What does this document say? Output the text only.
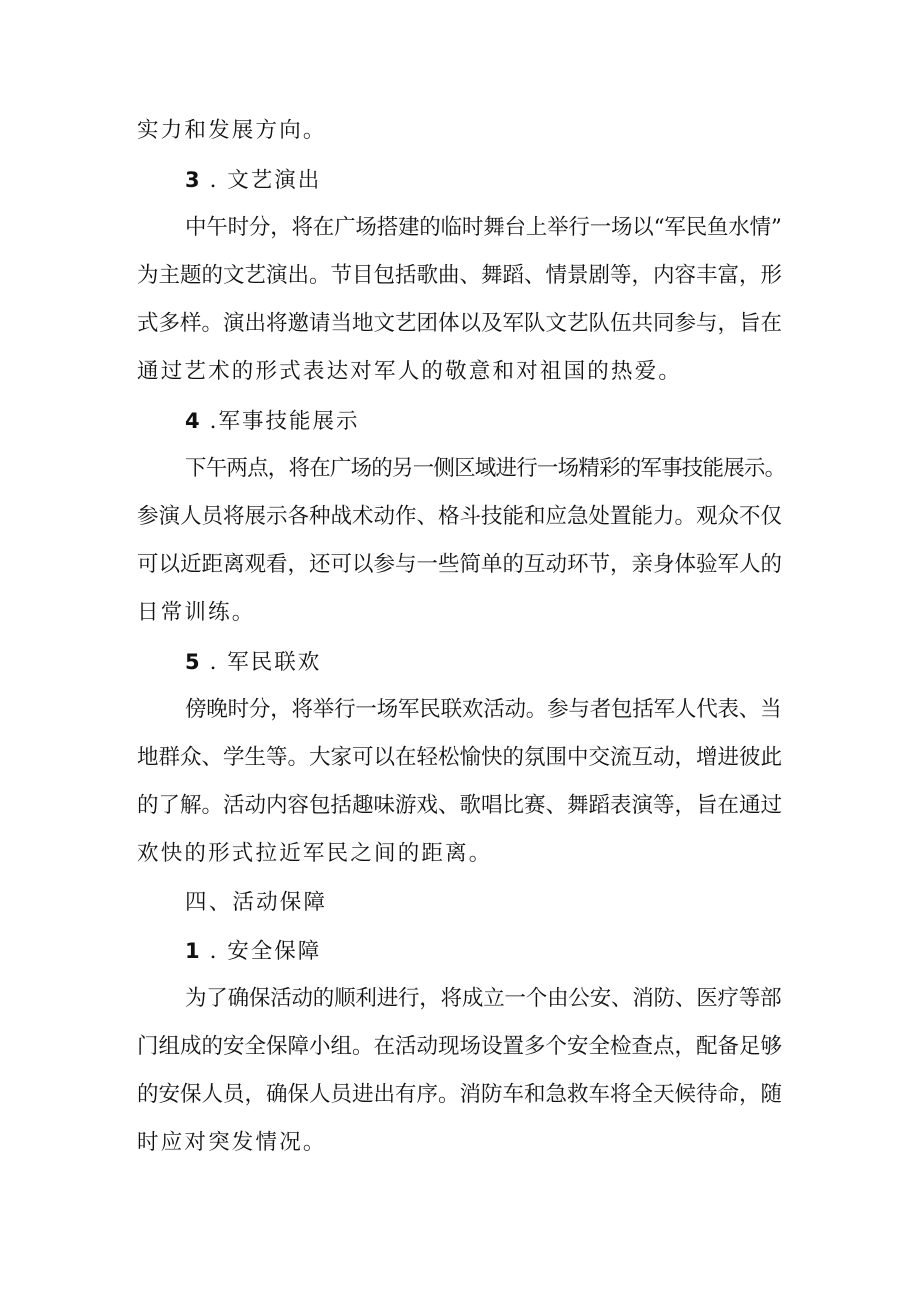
实力和发展方向。
3 . 文艺演出
中午时分，将在广场搭建的临时舞台上举行一场以“军民鱼水情”
为主题的文艺演出。节目包括歌曲、舞蹈、情景剧等，内容丰富，形
式多样。演出将邀请当地文艺团体以及军队文艺队伍共同参与，旨在
通过艺术的形式表达对军人的敬意和对祖国的热爱。
4 .军事技能展示
下午两点，将在广场的另一侧区域进行一场精彩的军事技能展示。
参演人员将展示各种战术动作、格斗技能和应急处置能力。观众不仅
可以近距离观看，还可以参与一些简单的互动环节，亲身体验军人的
日常训练。
5 . 军民联欢
傍晚时分，将举行一场军民联欢活动。参与者包括军人代表、当
地群众、学生等。大家可以在轻松愉快的氛围中交流互动，增进彼此
的了解。活动内容包括趣味游戏、歌唱比赛、舞蹈表演等，旨在通过
欢快的形式拉近军民之间的距离。
四、活动保障
1 . 安全保障
为了确保活动的顺利进行，将成立一个由公安、消防、医疗等部
门组成的安全保障小组。在活动现场设置多个安全检查点，配备足够
的安保人员，确保人员进出有序。消防车和急救车将全天候待命，随
时应对突发情况。
